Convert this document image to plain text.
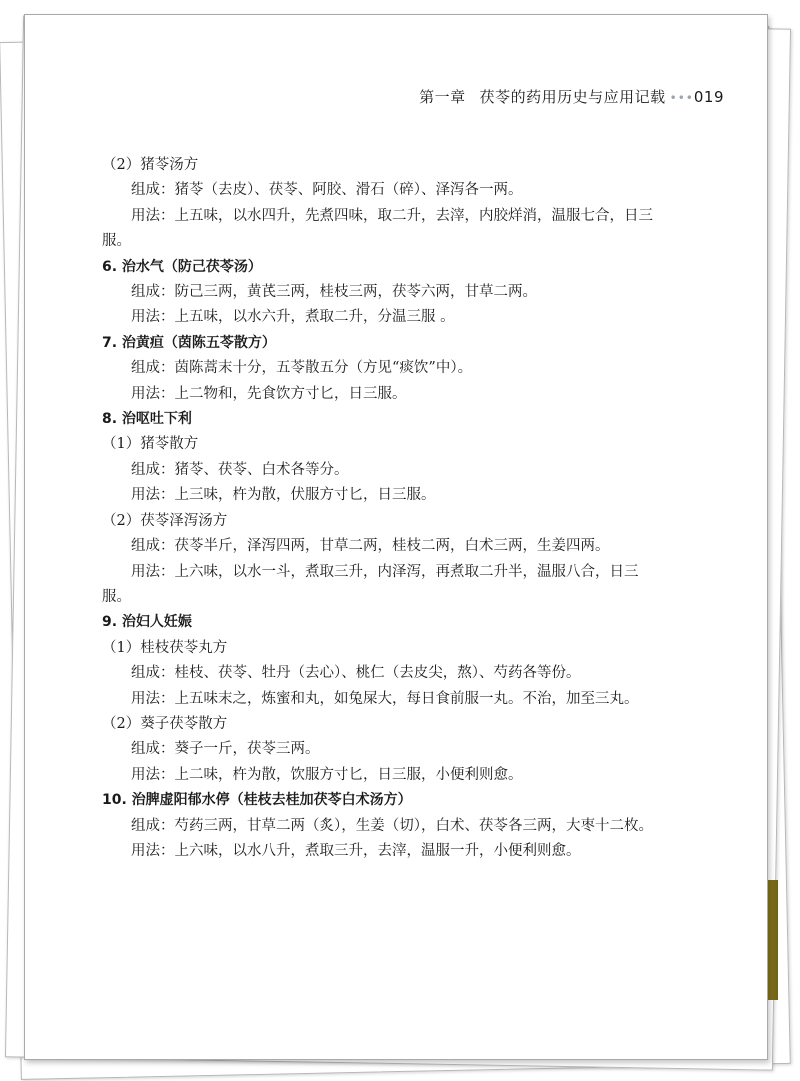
第一章 茯苓的药用历史与应用记载 •••019

（2）猪苓汤方

组成：猪苓（去皮）、茯苓、阿胶、滑石（碎）、泽泻各一两。

用法：上五味，以水四升，先煮四味，取二升，去滓，内胶烊消，温服七合，日三服。

6. 治水气（防己茯苓汤）

组成：防己三两，黄芪三两，桂枝三两，茯苓六两，甘草二两。

用法：上五味，以水六升，煮取二升，分温三服 。

7. 治黄疸（茵陈五苓散方）

组成：茵陈蒿末十分，五苓散五分（方见“痰饮”中）。

用法：上二物和，先食饮方寸匕，日三服。

8. 治呕吐下利

（1）猪苓散方

组成：猪苓、茯苓、白术各等分。

用法：上三味，杵为散，伏服方寸匕，日三服。

（2）茯苓泽泻汤方

组成：茯苓半斤，泽泻四两，甘草二两，桂枝二两，白术三两，生姜四两。

用法：上六味，以水一斗，煮取三升，内泽泻，再煮取二升半，温服八合，日三服。

9. 治妇人妊娠

（1）桂枝茯苓丸方

组成：桂枝、茯苓、牡丹（去心）、桃仁（去皮尖，熬）、芍药各等份。

用法：上五味末之，炼蜜和丸，如兔屎大，每日食前服一丸。不治，加至三丸。

（2）葵子茯苓散方

组成：葵子一斤，茯苓三两。

用法：上二味，杵为散，饮服方寸匕，日三服，小便利则愈。

10. 治脾虚阳郁水停（桂枝去桂加茯苓白术汤方）

组成：芍药三两，甘草二两（炙），生姜（切），白术、茯苓各三两，大枣十二枚。

用法：上六味，以水八升，煮取三升，去滓，温服一升，小便利则愈。
